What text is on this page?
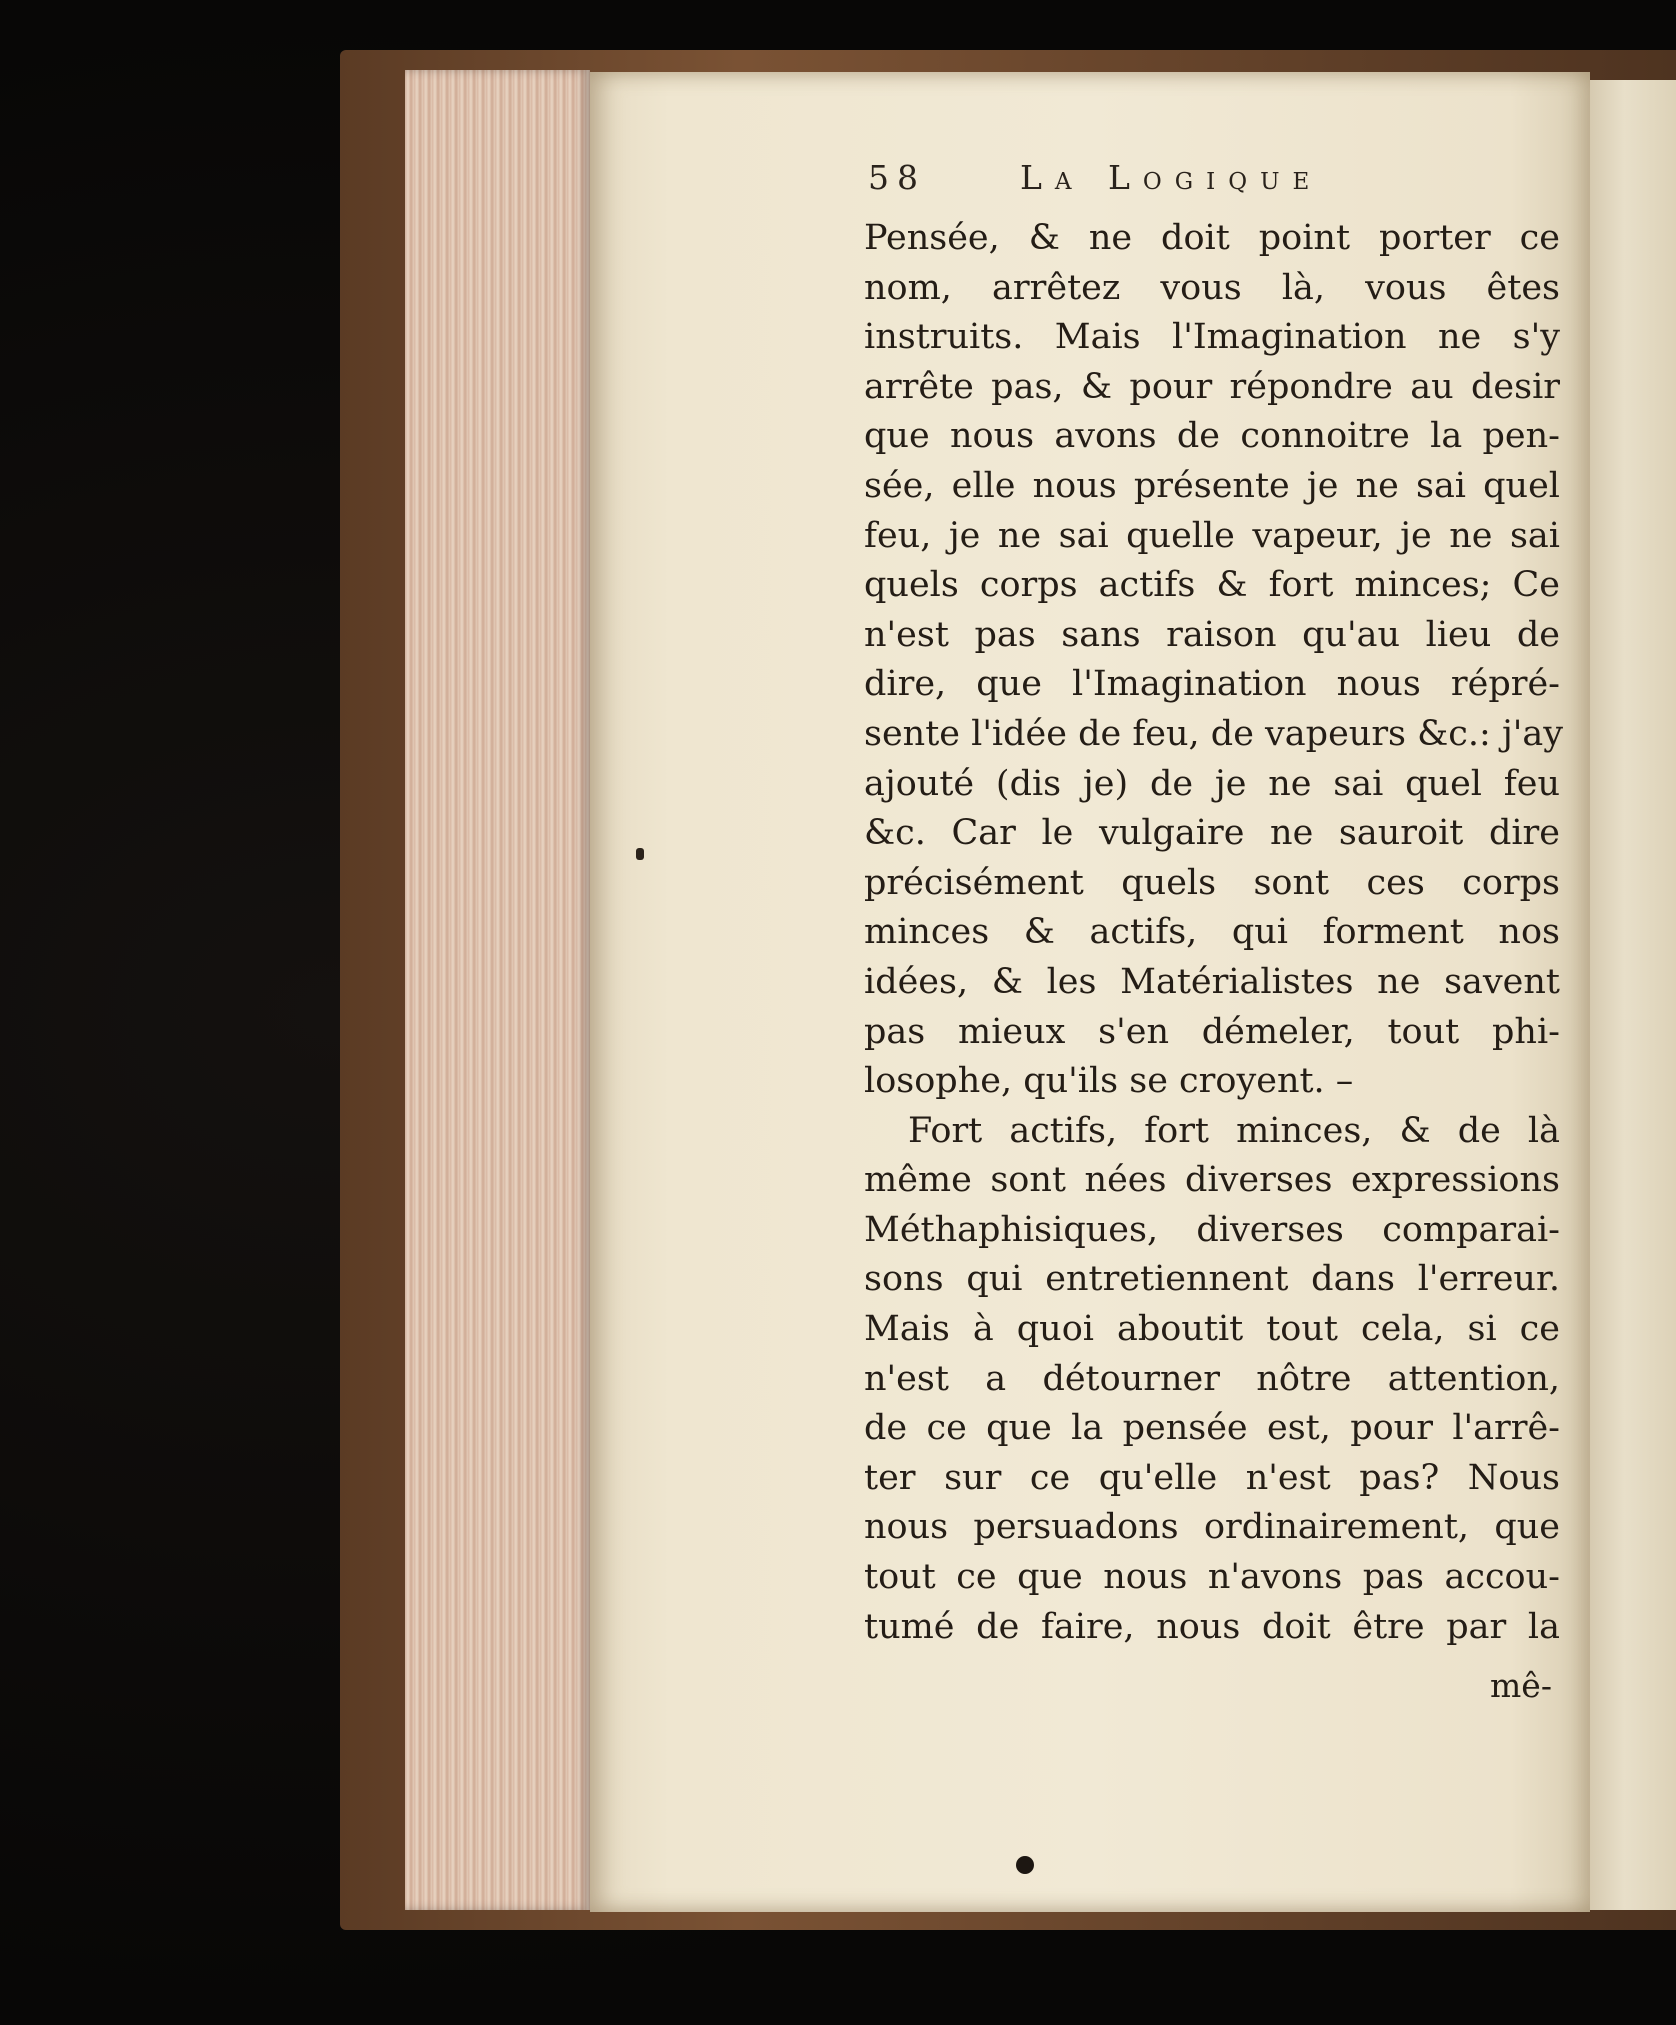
58	La Logique
Pensée, & ne doit point porter ce
nom, arrêtez vous là, vous êtes
instruits. Mais l'Imagination ne s'y
arrête pas, & pour répondre au desir
que nous avons de connoitre la pen-
sée, elle nous présente je ne sai quel
feu, je ne sai quelle vapeur, je ne sai
quels corps actifs & fort minces; Ce
n'est pas sans raison qu'au lieu de
dire, que l'Imagination nous répré-
sente l'idée de feu, de vapeurs &c.: j'ay
ajouté (dis je) de je ne sai quel feu
&c. Car le vulgaire ne sauroit dire
précisément quels sont ces corps
minces & actifs, qui forment nos
idées, & les Matérialistes ne savent
pas mieux s'en démeler, tout phi-
losophe, qu'ils se croyent. –
Fort actifs, fort minces, & de là
même sont nées diverses expressions
Méthaphisiques, diverses comparai-
sons qui entretiennent dans l'erreur.
Mais à quoi aboutit tout cela, si ce
n'est a détourner nôtre attention,
de ce que la pensée est, pour l'arrê-
ter sur ce qu'elle n'est pas? Nous
nous persuadons ordinairement, que
tout ce que nous n'avons pas accou-
tumé de faire, nous doit être par la
mê-
